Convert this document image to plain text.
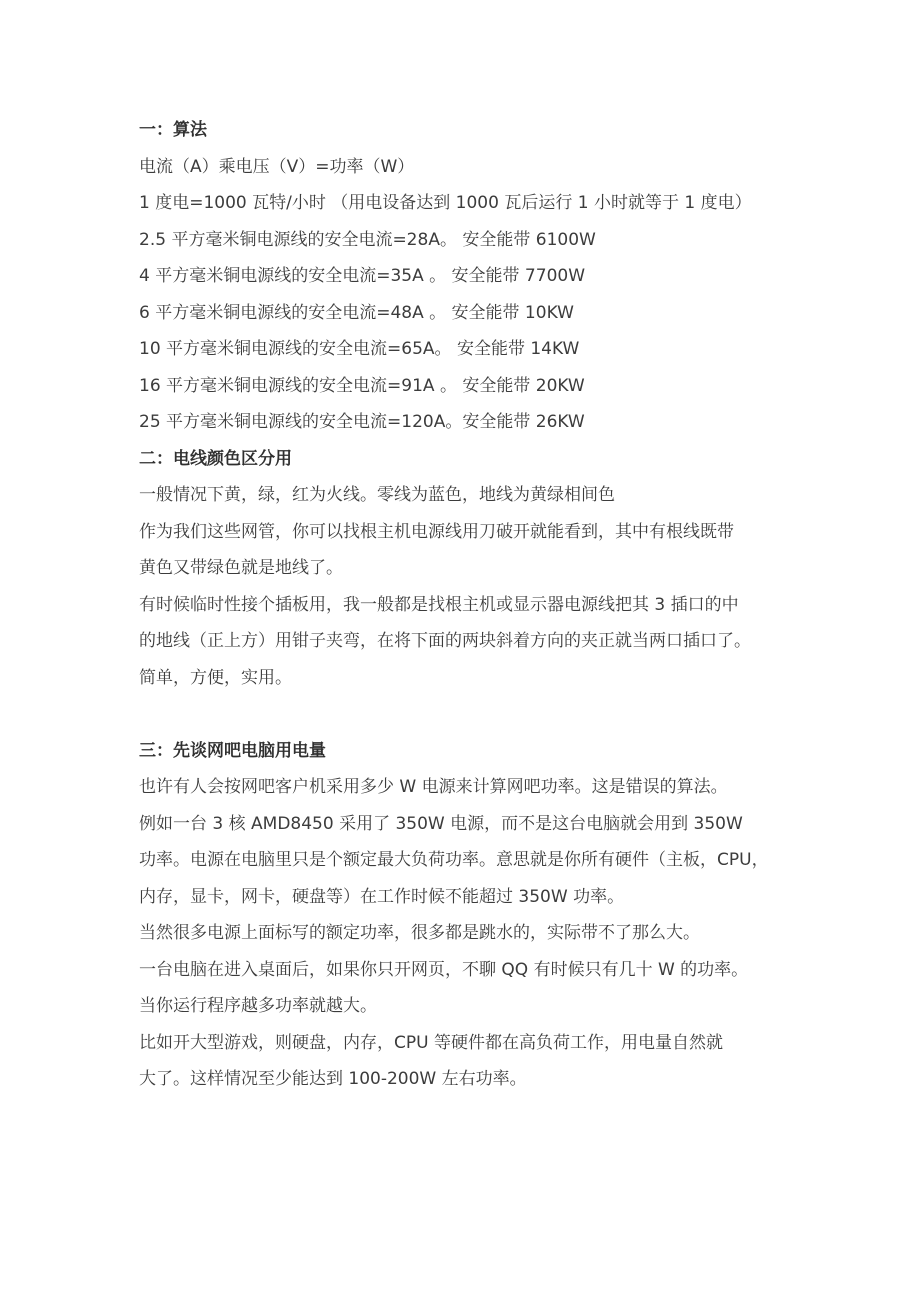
一：算法
电流（A）乘电压（V）=功率（W）
1 度电=1000 瓦特/小时 （用电设备达到 1000 瓦后运行 1 小时就等于 1 度电）
2.5 平方毫米铜电源线的安全电流=28A。 安全能带 6100W
4 平方毫米铜电源线的安全电流=35A 。 安全能带 7700W
6 平方毫米铜电源线的安全电流=48A 。 安全能带 10KW
10 平方毫米铜电源线的安全电流=65A。 安全能带 14KW
16 平方毫米铜电源线的安全电流=91A 。 安全能带 20KW
25 平方毫米铜电源线的安全电流=120A。安全能带 26KW
二：电线颜色区分用
一般情况下黄，绿，红为火线。零线为蓝色，地线为黄绿相间色
作为我们这些网管，你可以找根主机电源线用刀破开就能看到，其中有根线既带
黄色又带绿色就是地线了。
有时候临时性接个插板用，我一般都是找根主机或显示器电源线把其 3 插口的中
的地线（正上方）用钳子夹弯，在将下面的两块斜着方向的夹正就当两口插口了。
简单，方便，实用。
三：先谈网吧电脑用电量
也许有人会按网吧客户机采用多少 W 电源来计算网吧功率。这是错误的算法。
例如一台 3 核 AMD8450 采用了 350W 电源，而不是这台电脑就会用到 350W
功率。电源在电脑里只是个额定最大负荷功率。意思就是你所有硬件（主板，CPU，
内存，显卡，网卡，硬盘等）在工作时候不能超过 350W 功率。
当然很多电源上面标写的额定功率，很多都是跳水的，实际带不了那么大。
一台电脑在进入桌面后，如果你只开网页，不聊 QQ 有时候只有几十 W 的功率。
当你运行程序越多功率就越大。
比如开大型游戏，则硬盘，内存，CPU 等硬件都在高负荷工作，用电量自然就
大了。这样情况至少能达到 100-200W 左右功率。
